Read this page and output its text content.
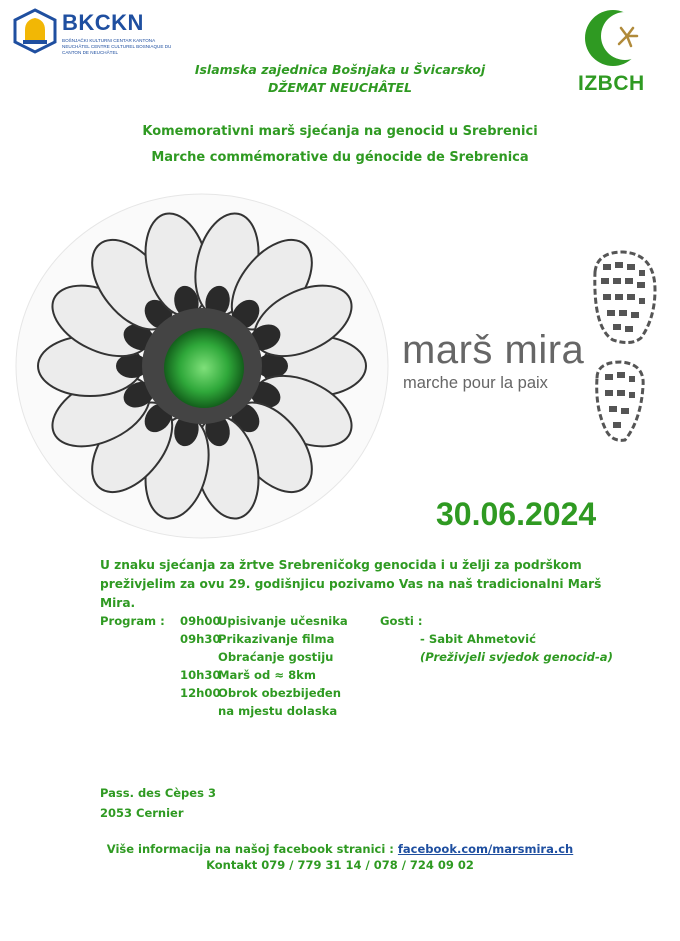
BKCKN
BOŠNJAČKI KULTURNI CENTAR KANTONA NEUCHÂTEL CENTRE CULTUREL BOSNIAQUE DU CANTON DE NEUCHÂTEL
IZBCH
Islamska zajednica Bošnjaka u Švicarskoj
DŽEMAT NEUCHÂTEL
Komemorativni marš sjećanja na genocid u Srebrenici
Marche commémorative du génocide de Srebrenica
marš mira
marche pour la paix
30.06.2024
U znaku sjećanja za žrtve Srebreničokg genocida i u želji za podrškom preživjelim za ovu 29. godišnjicu pozivamo Vas na naš tradicionalni Marš Mira.
Program : 09h00
Upisivanje učesnika
09h30
Prikazivanje filma
Obraćanje gostiju
10h30
Marš od ≈ 8km
12h00
Obrok obezbijeđen
na mjestu dolaska
Gosti :
- Sabit Ahmetović
(Preživjeli svjedok genocid-a)
Pass. des Cèpes 3
2053 Cernier
Više informacija na našoj facebook stranici : facebook.com/marsmira.ch
Kontakt 079 / 779 31 14 / 078 / 724 09 02
